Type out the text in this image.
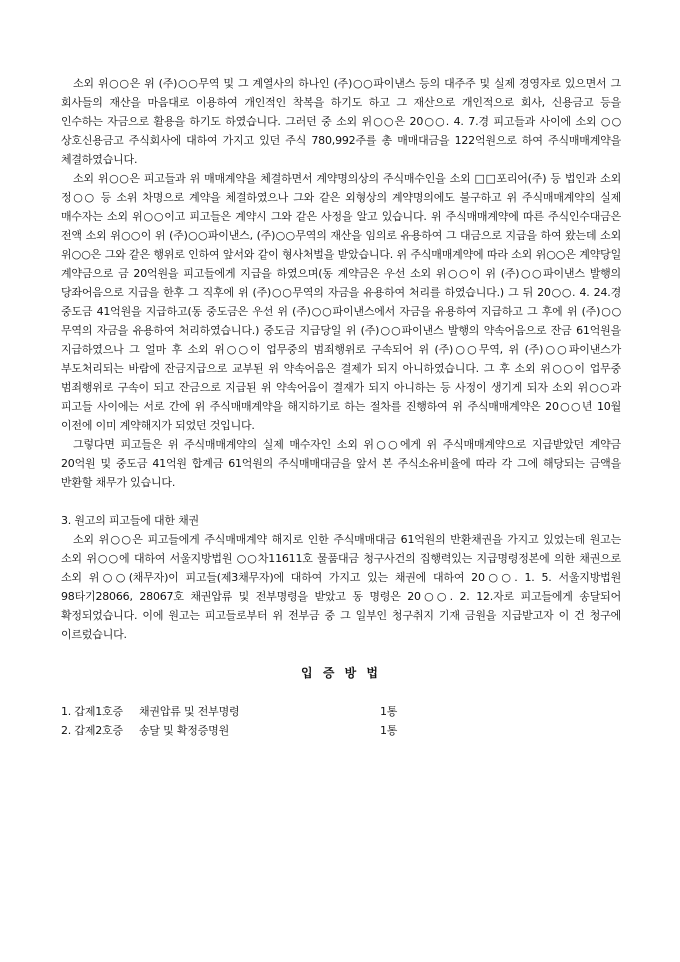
소외 위○○은 위 (주)○○무역 및 그 계열사의 하나인 (주)○○파이낸스 등의 대주주 및 실제 경영자로 있으면서 그 회사들의 재산을 마음대로 이용하여 개인적인 착복을 하기도 하고 그 재산으로 개인적으로 회사, 신용금고 등을 인수하는 자금으로 활용을 하기도 하였습니다. 그러던 중 소외 위○○은 20○○. 4. 7.경 피고들과 사이에 소외 ○○상호신용금고 주식회사에 대하여 가지고 있던 주식 780,992주를 총 매매대금을 122억원으로 하여 주식매매계약을 체결하였습니다.

소외 위○○은 피고들과 위 매매계약을 체결하면서 계약명의상의 주식매수인을 소외 □□포리어(주) 등 법인과 소외 정○○ 등 소위 차명으로 계약을 체결하였으나 그와 같은 외형상의 계약명의에도 불구하고 위 주식매매계약의 실제 매수자는 소외 위○○이고 피고들은 계약시 그와 같은 사정을 알고 있습니다. 위 주식매매계약에 따른 주식인수대금은 전액 소외 위○○이 위 (주)○○파이낸스, (주)○○무역의 재산을 임의로 유용하여 그 대금으로 지급을 하여 왔는데 소외 위○○은 그와 같은 행위로 인하여 앞서와 같이 형사처벌을 받았습니다. 위 주식매매계약에 따라 소외 위○○은 계약당일 계약금으로 금 20억원을 피고들에게 지급을 하였으며(동 계약금은 우선 소외 위○○이 위 (주)○○파이낸스 발행의 당좌어음으로 지급을 한후 그 직후에 위 (주)○○무역의 자금을 유용하여 처리를 하였습니다.) 그 뒤 20○○. 4. 24.경 중도금 41억원을 지급하고(동 중도금은 우선 위 (주)○○파이낸스에서 자금을 유용하여 지급하고 그 후에 위 (주)○○무역의 자금을 유용하여 처리하였습니다.) 중도금 지급당일 위 (주)○○파이낸스 발행의 약속어음으로 잔금 61억원을 지급하였으나 그 얼마 후 소외 위○○이 업무중의 범죄행위로 구속되어 위 (주)○○무역, 위 (주)○○파이낸스가 부도처리되는 바람에 잔금지급으로 교부된 위 약속어음은 결제가 되지 아니하였습니다. 그 후 소외 위○○이 업무중 범죄행위로 구속이 되고 잔금으로 지급된 위 약속어음이 결재가 되지 아니하는 등 사정이 생기게 되자 소외 위○○과 피고들 사이에는 서로 간에 위 주식매매계약을 해지하기로 하는 절차를 진행하여 위 주식매매계약은 20○○년 10월 이전에 이미 계약해지가 되었던 것입니다.

그렇다면 피고들은 위 주식매매계약의 실제 매수자인 소외 위○○에게 위 주식매매계약으로 지급받았던 계약금 20억원 및 중도금 41억원 합계금 61억원의 주식매매대금을 앞서 본 주식소유비율에 따라 각 그에 해당되는 금액을 반환할 채무가 있습니다.

3. 원고의 피고들에 대한 채권

소외 위○○은 피고들에게 주식매매계약 해지로 인한 주식매매대금 61억원의 반환채권을 가지고 있었는데 원고는 소외 위○○에 대하여 서울지방법원 ○○차11611호 물품대금 청구사건의 집행력있는 지급명령정본에 의한 채권으로 소외 위○○(채무자)이 피고들(제3채무자)에 대하여 가지고 있는 채권에 대하여 20○○. 1. 5. 서울지방법원 98타기28066, 28067호 채권압류 및 전부명령을 받았고 동 명령은 20○○. 2. 12.자로 피고들에게 송달되어 확정되었습니다. 이에 원고는 피고들로부터 위 전부금 중 그 일부인 청구취지 기재 금원을 지급받고자 이 건 청구에 이르렀습니다.

입 증 방 법

1. 갑제1호증	채권압류 및 전부명령	1통
2. 갑제2호증	송달 및 확정증명원	1통
